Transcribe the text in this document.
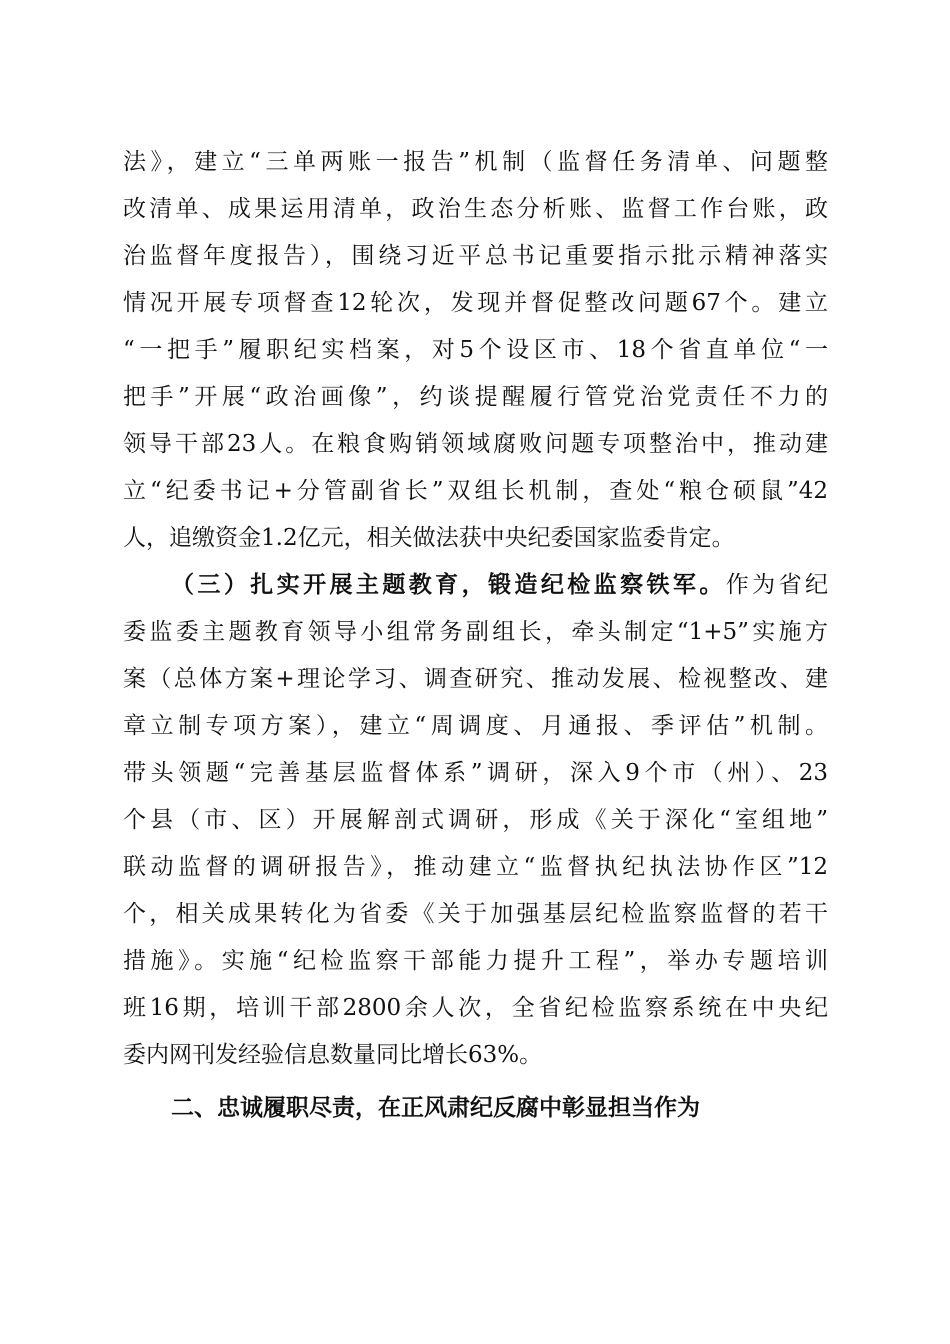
法》，建立“三单两账一报告”机制（监督任务清单、问题整
改清单、成果运用清单，政治生态分析账、监督工作台账，政
治监督年度报告），围绕习近平总书记重要指示批示精神落实
情况开展专项督查12轮次，发现并督促整改问题67个。建立
“一把手”履职纪实档案，对5个设区市、18个省直单位“一
把手”开展“政治画像”，约谈提醒履行管党治党责任不力的
领导干部23人。在粮食购销领域腐败问题专项整治中，推动建
立“纪委书记+分管副省长”双组长机制，查处“粮仓硕鼠”42
人，追缴资金1.2亿元，相关做法获中央纪委国家监委肯定。
（三）扎实开展主题教育，锻造纪检监察铁军。作为省纪
委监委主题教育领导小组常务副组长，牵头制定“1+5”实施方
案（总体方案+理论学习、调查研究、推动发展、检视整改、建
章立制专项方案），建立“周调度、月通报、季评估”机制。
带头领题“完善基层监督体系”调研，深入9个市（州）、23
个县（市、区）开展解剖式调研，形成《关于深化“室组地”
联动监督的调研报告》，推动建立“监督执纪执法协作区”12
个，相关成果转化为省委《关于加强基层纪检监察监督的若干
措施》。实施“纪检监察干部能力提升工程”，举办专题培训
班16期，培训干部2800余人次，全省纪检监察系统在中央纪
委内网刊发经验信息数量同比增长63%。
二、忠诚履职尽责，在正风肃纪反腐中彰显担当作为
